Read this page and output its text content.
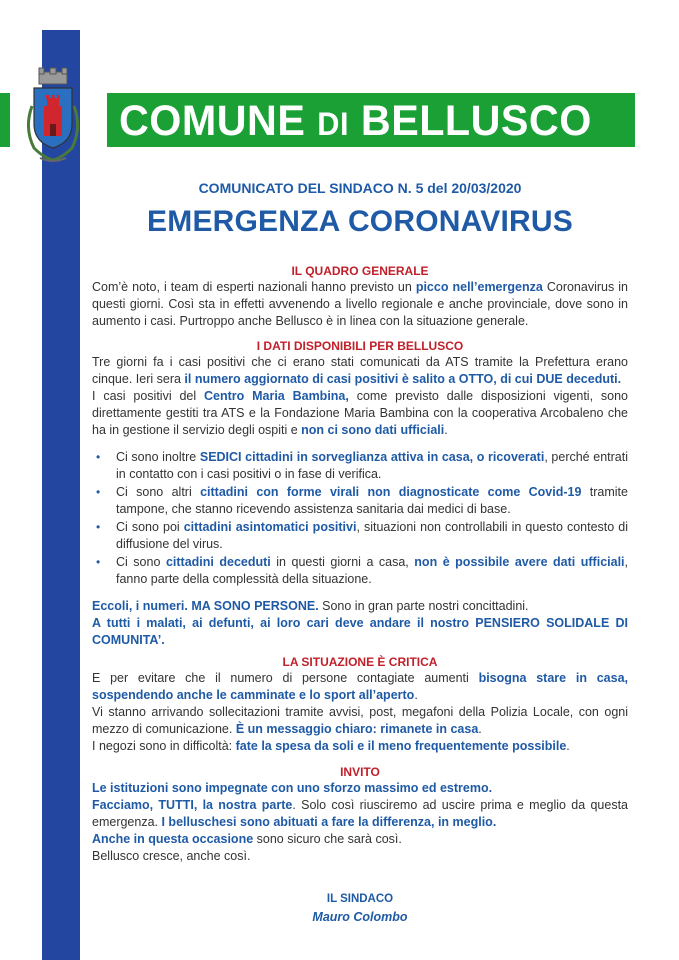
COMUNE DI BELLUSCO
COMUNICATO DEL SINDACO N. 5 del 20/03/2020
EMERGENZA CORONAVIRUS
IL QUADRO GENERALE

Com’è noto, i team di esperti nazionali hanno previsto un picco nell’emergenza Coronavirus in questi giorni. Così sta in effetti avvenendo a livello regionale e anche provinciale, dove sono in aumento i casi. Purtroppo anche Bellusco è in linea con la situazione generale.

I DATI DISPONIBILI PER BELLUSCO

Tre giorni fa i casi positivi che ci erano stati comunicati da ATS tramite la Prefettura erano cinque. Ieri sera il numero aggiornato di casi positivi è salito a OTTO, di cui DUE deceduti.

I casi positivi del Centro Maria Bambina, come previsto dalle disposizioni vigenti, sono direttamente gestiti tra ATS e la Fondazione Maria Bambina con la cooperativa Arcobaleno che ha in gestione il servizio degli ospiti e non ci sono dati ufficiali.

• Ci sono inoltre SEDICI cittadini in sorveglianza attiva in casa, o ricoverati, perché entrati in contatto con i casi positivi o in fase di verifica.
• Ci sono altri cittadini con forme virali non diagnosticate come Covid-19 tramite tampone, che stanno ricevendo assistenza sanitaria dai medici di base.
• Ci sono poi cittadini asintomatici positivi, situazioni non controllabili in questo contesto di diffusione del virus.
• Ci sono cittadini deceduti in questi giorni a casa, non è possibile avere dati ufficiali, fanno parte della complessità della situazione.

Eccoli, i numeri. MA SONO PERSONE. Sono in gran parte nostri concittadini.

A tutti i malati, ai defunti, ai loro cari deve andare il nostro PENSIERO SOLIDALE DI COMUNITA’.

LA SITUAZIONE È CRITICA

E per evitare che il numero di persone contagiate aumenti bisogna stare in casa, sospendendo anche le camminate e lo sport all’aperto.

Vi stanno arrivando sollecitazioni tramite avvisi, post, megafoni della Polizia Locale, con ogni mezzo di comunicazione. È un messaggio chiaro: rimanete in casa.

I negozi sono in difficoltà: fate la spesa da soli e il meno frequentemente possibile.

INVITO

Le istituzioni sono impegnate con uno sforzo massimo ed estremo.

Facciamo, TUTTI, la nostra parte. Solo così riusciremo ad uscire prima e meglio da questa emergenza. I belluschesi sono abituati a fare la differenza, in meglio.

Anche in questa occasione sono sicuro che sarà così.

Bellusco cresce, anche così.

IL SINDACO
Mauro Colombo
